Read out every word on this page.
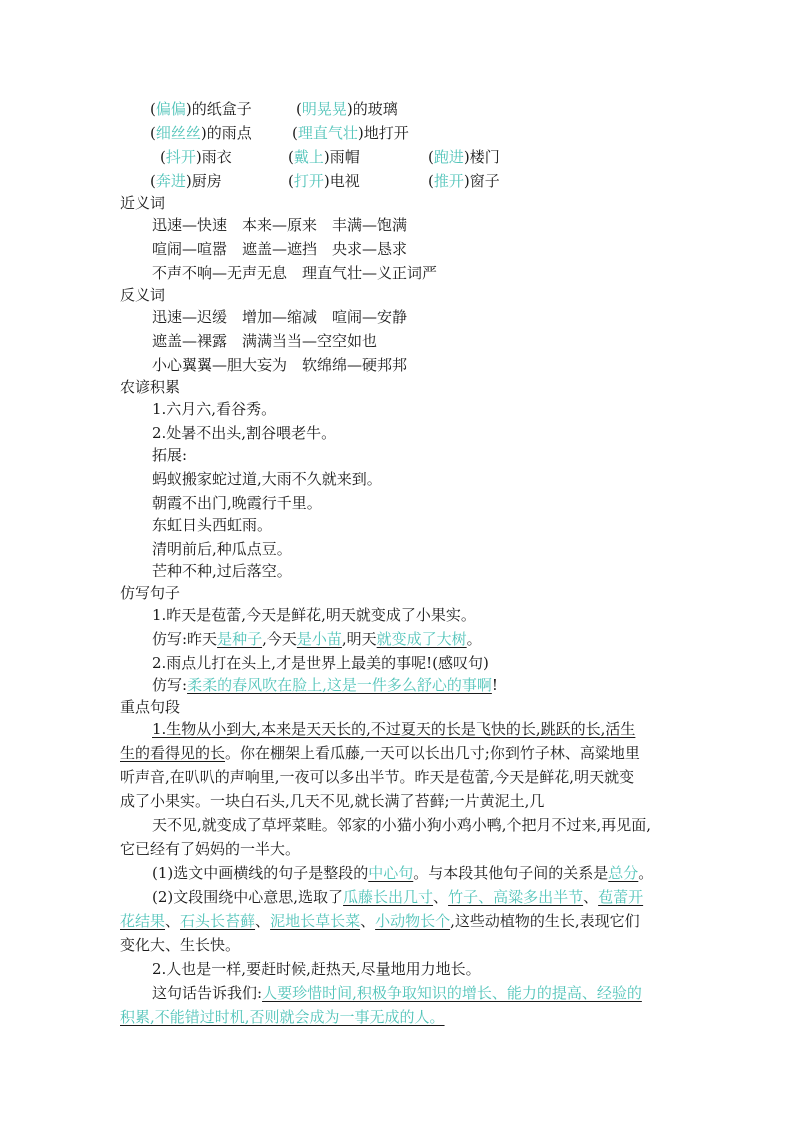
(偏偏)的纸盒子	(明晃晃)的玻璃
(细丝丝)的雨点	(理直气壮)地打开
(抖开)雨衣	(戴上)雨帽	(跑进)楼门
(奔进)厨房	(打开)电视	(推开)窗子
近义词
迅速—快速　本来—原来　丰满—饱满
喧闹—喧嚣　遮盖—遮挡　央求—恳求
不声不响—无声无息　理直气壮—义正词严
反义词
迅速—迟缓　增加—缩减　喧闹—安静
遮盖—裸露　满满当当—空空如也
小心翼翼—胆大妄为　软绵绵—硬邦邦
农谚积累
1.六月六,看谷秀。
2.处暑不出头,割谷喂老牛。
拓展:
蚂蚁搬家蛇过道,大雨不久就来到。
朝霞不出门,晚霞行千里。
东虹日头西虹雨。
清明前后,种瓜点豆。
芒种不种,过后落空。
仿写句子
1.昨天是苞蕾,今天是鲜花,明天就变成了小果实。
仿写:昨天是种子,今天是小苗,明天就变成了大树。
2.雨点儿打在头上,才是世界上最美的事呢!(感叹句)
仿写:柔柔的春风吹在脸上,这是一件多么舒心的事啊!
重点句段
1.生物从小到大,本来是天天长的,不过夏天的长是飞快的长,跳跃的长,活生
生的看得见的长。你在棚架上看瓜藤,一天可以长出几寸;你到竹子林、高粱地里
听声音,在叭叭的声响里,一夜可以多出半节。昨天是苞蕾,今天是鲜花,明天就变
成了小果实。一块白石头,几天不见,就长满了苔藓;一片黄泥土,几
天不见,就变成了草坪菜畦。邻家的小猫小狗小鸡小鸭,个把月不过来,再见面,
它已经有了妈妈的一半大。
(1)选文中画横线的句子是整段的中心句。与本段其他句子间的关系是总分。
(2)文段围绕中心意思,选取了瓜藤长出几寸、竹子、高粱多出半节、苞蕾开
花结果、石头长苔藓、泥地长草长菜、小动物长个,这些动植物的生长,表现它们
变化大、生长快。
2.人也是一样,要赶时候,赶热天,尽量地用力地长。
这句话告诉我们:人要珍惜时间,积极争取知识的增长、能力的提高、经验的
积累,不能错过时机,否则就会成为一事无成的人。
